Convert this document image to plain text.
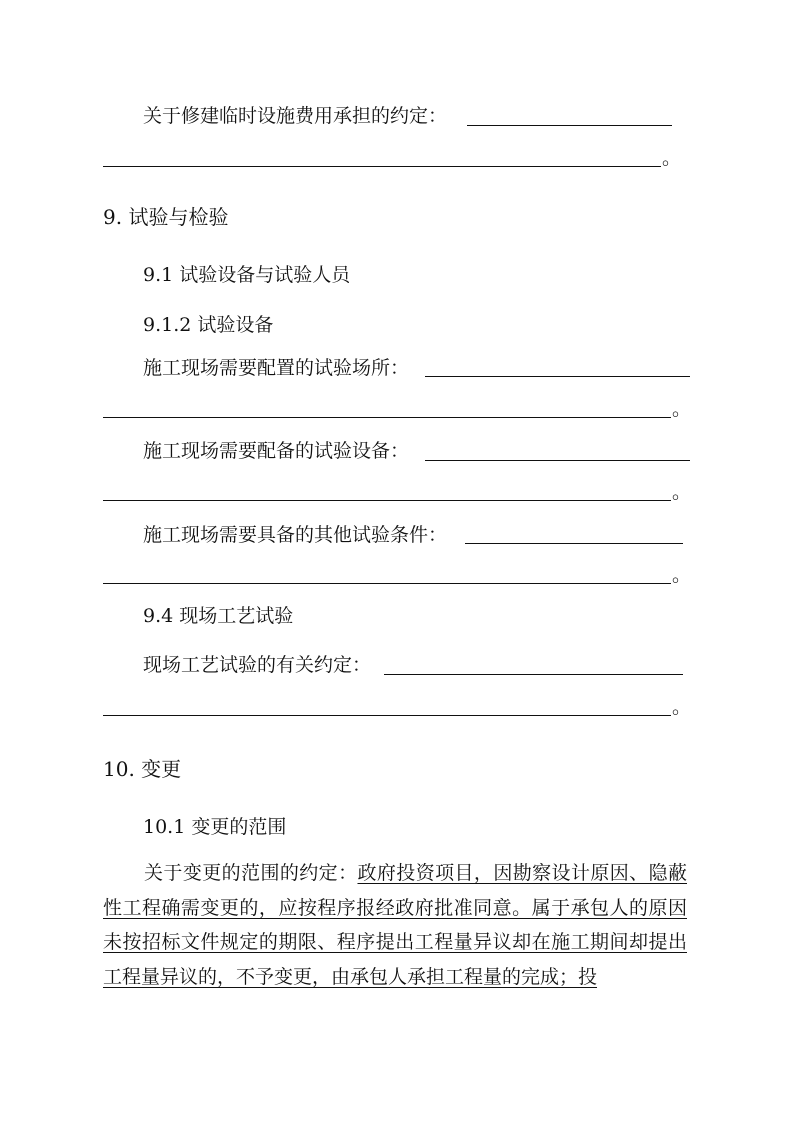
关于修建临时设施费用承担的约定：
。
9. 试验与检验
9.1 试验设备与试验人员
9.1.2 试验设备
施工现场需要配置的试验场所：
。
施工现场需要配备的试验设备：
。
施工现场需要具备的其他试验条件：
。
9.4 现场工艺试验
现场工艺试验的有关约定：
。
10. 变更
10.1 变更的范围
关于变更的范围的约定：政府投资项目，因勘察设计原因、隐蔽性工程确需变更的，应按程序报经政府批准同意。属于承包人的原因未按招标文件规定的期限、程序提出工程量异议却在施工期间却提出工程量异议的，不予变更，由承包人承担工程量的完成；投
